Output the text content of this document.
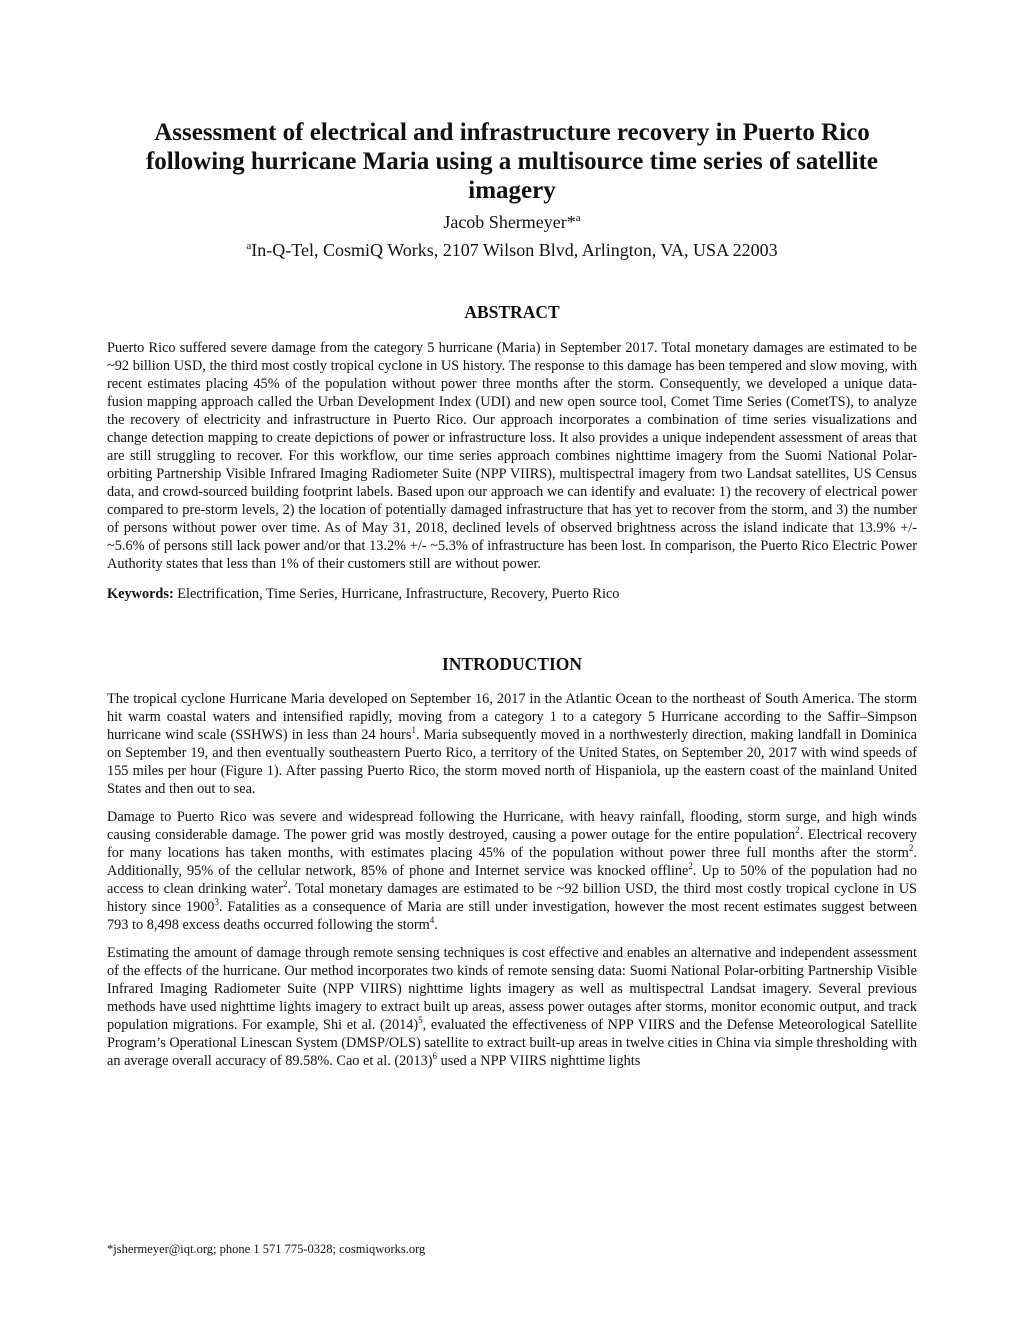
Assessment of electrical and infrastructure recovery in Puerto Rico following hurricane Maria using a multisource time series of satellite imagery
Jacob Shermeyer*$^a$
$^a$In-Q-Tel, CosmiQ Works, 2107 Wilson Blvd, Arlington, VA, USA 22003
ABSTRACT

Puerto Rico suffered severe damage from the category 5 hurricane (Maria) in September 2017. Total monetary damages are estimated to be ~92 billion USD, the third most costly tropical cyclone in US history. The response to this damage has been tempered and slow moving, with recent estimates placing 45% of the population without power three months after the storm. Consequently, we developed a unique data-fusion mapping approach called the Urban Development Index (UDI) and new open source tool, Comet Time Series (CometTS), to analyze the recovery of electricity and infrastructure in Puerto Rico. Our approach incorporates a combination of time series visualizations and change detection mapping to create depictions of power or infrastructure loss. It also provides a unique independent assessment of areas that are still struggling to recover. For this workflow, our time series approach combines nighttime imagery from the Suomi National Polar-orbiting Partnership Visible Infrared Imaging Radiometer Suite (NPP VIIRS), multispectral imagery from two Landsat satellites, US Census data, and crowd-sourced building footprint labels. Based upon our approach we can identify and evaluate: 1) the recovery of electrical power compared to pre-storm levels, 2) the location of potentially damaged infrastructure that has yet to recover from the storm, and 3) the number of persons without power over time. As of May 31, 2018, declined levels of observed brightness across the island indicate that 13.9% +/- ~5.6% of persons still lack power and/or that 13.2% +/- ~5.3% of infrastructure has been lost. In comparison, the Puerto Rico Electric Power Authority states that less than 1% of their customers still are without power.

Keywords: Electrification, Time Series, Hurricane, Infrastructure, Recovery, Puerto Rico
INTRODUCTION

The tropical cyclone Hurricane Maria developed on September 16, 2017 in the Atlantic Ocean to the northeast of South America. The storm hit warm coastal waters and intensified rapidly, moving from a category 1 to a category 5 Hurricane according to the Saffir–Simpson hurricane wind scale (SSHWS) in less than 24 hours$^1$. Maria subsequently moved in a northwesterly direction, making landfall in Dominica on September 19, and then eventually southeastern Puerto Rico, a territory of the United States, on September 20, 2017 with wind speeds of 155 miles per hour (Figure 1). After passing Puerto Rico, the storm moved north of Hispaniola, up the eastern coast of the mainland United States and then out to sea.

Damage to Puerto Rico was severe and widespread following the Hurricane, with heavy rainfall, flooding, storm surge, and high winds causing considerable damage. The power grid was mostly destroyed, causing a power outage for the entire population$^2$. Electrical recovery for many locations has taken months, with estimates placing 45% of the population without power three full months after the storm$^2$. Additionally, 95% of the cellular network, 85% of phone and Internet service was knocked offline$^2$. Up to 50% of the population had no access to clean drinking water$^2$. Total monetary damages are estimated to be ~92 billion USD, the third most costly tropical cyclone in US history since 1900$^3$. Fatalities as a consequence of Maria are still under investigation, however the most recent estimates suggest between 793 to 8,498 excess deaths occurred following the storm$^4$.

Estimating the amount of damage through remote sensing techniques is cost effective and enables an alternative and independent assessment of the effects of the hurricane. Our method incorporates two kinds of remote sensing data: Suomi National Polar-orbiting Partnership Visible Infrared Imaging Radiometer Suite (NPP VIIRS) nighttime lights imagery as well as multispectral Landsat imagery. Several previous methods have used nighttime lights imagery to extract built up areas, assess power outages after storms, monitor economic output, and track population migrations. For example, Shi et al. (2014)$^5$, evaluated the effectiveness of NPP VIIRS and the Defense Meteorological Satellite Program’s Operational Linescan System (DMSP/OLS) satellite to extract built-up areas in twelve cities in China via simple thresholding with an average overall accuracy of 89.58%. Cao et al. (2013)$^6$ used a NPP VIIRS nighttime lights

*jshermeyer@iqt.org; phone 1 571 775-0328; cosmiqworks.org
